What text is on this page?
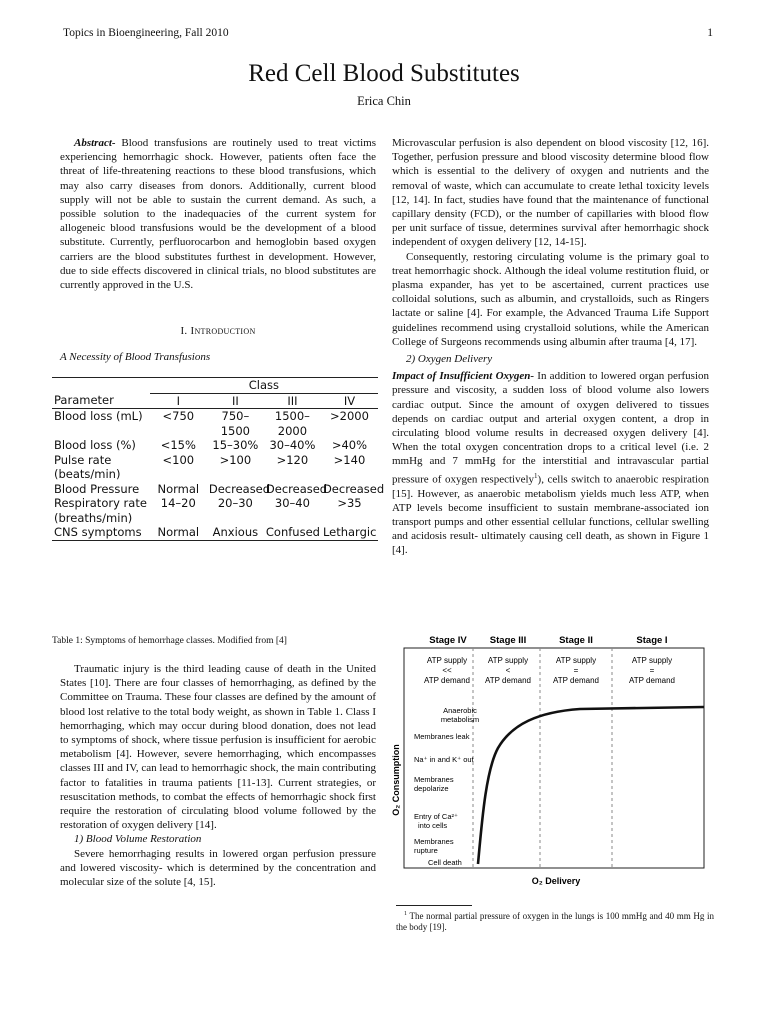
Topics in Bioengineering, Fall 2010	1
Red Cell Blood Substitutes
Erica Chin

Abstract- Blood transfusions are routinely used to treat victims experiencing hemorrhagic shock. However, patients often face the threat of life-threatening reactions to these blood transfusions, which may also carry diseases from donors. Additionally, current blood supply will not be able to sustain the current demand. As such, a possible solution to the inadequacies of the current system for allogeneic blood transfusions would be the development of a blood substitute. Currently, perfluorocarbon and hemoglobin based oxygen carriers are the blood substitutes furthest in development. However, due to side effects discovered in clinical trials, no blood substitutes are currently approved in the U.S.

I. Introduction
A Necessity of Blood Transfusions
	Class			
Parameter	I	II	III	IV
Blood loss (mL)	<750	750–1500	1500–2000	>2000
Blood loss (%)	<15%	15–30%	30–40%	>40%
Pulse rate (beats/min)	<100	>100	>120	>140
Blood Pressure	Normal	Decreased	Decreased	Decreased
Respiratory rate (breaths/min)	14–20	20–30	30–40	>35
CNS symptoms	Normal	Anxious	Confused	Lethargic
Table 1: Symptoms of hemorrhage classes. Modified from [4]

Traumatic injury is the third leading cause of death in the United States [10]. There are four classes of hemorrhaging, as defined by the Committee on Trauma. These four classes are defined by the amount of blood lost relative to the total body weight, as shown in Table 1. Class I hemorrhaging, which may occur during blood donation, does not lead to symptoms of shock, where tissue perfusion is insufficient for aerobic metabolism [4]. However, severe hemorrhaging, which encompasses classes III and IV, can lead to hemorrhagic shock, the main contributing factor to fatalities in trauma patients [11-13]. Current strategies, or resuscitation methods, to combat the effects of hemorrhagic shock first require the restoration of circulating blood volume followed by the restoration of oxygen delivery [14].

1) Blood Volume Restoration

Severe hemorrhaging results in lowered organ perfusion pressure and lowered viscosity- which is determined by the concentration and molecular size of the solute [4, 15].

Microvascular perfusion is also dependent on blood viscosity [12, 16]. Together, perfusion pressure and blood viscosity determine blood flow which is essential to the delivery of oxygen and nutrients and the removal of waste, which can accumulate to create lethal toxicity levels [12, 14]. In fact, studies have found that the maintenance of functional capillary density (FCD), or the number of capillaries with blood flow per unit surface of tissue, determines survival after hemorrhagic shock independent of oxygen delivery [12, 14-15].

Consequently, restoring circulating volume is the primary goal to treat hemorrhagic shock. Although the ideal volume restitution fluid, or plasma expander, has yet to be ascertained, current practices use colloidal solutions, such as albumin, and crystalloids, such as Ringers lactate or saline [4]. For example, the Advanced Trauma Life Support guidelines recommend using crystalloid solutions, while the American College of Surgeons recommends using albumin after trauma [4, 17].

2) Oxygen Delivery

Impact of Insufficient Oxygen- In addition to lowered organ perfusion pressure and viscosity, a sudden loss of blood volume also lowers cardiac output. Since the amount of oxygen delivered to tissues depends on cardiac output and arterial oxygen content, a drop in circulating blood volume results in decreased oxygen delivery [4]. When the total oxygen concentration drops to a critical level (i.e. 2 mmHg and 7 mmHg for the interstitial and intravascular partial pressure of oxygen respectively$^1$), cells switch to anaerobic respiration [15]. However, as anaerobic metabolism yields much less ATP, when ATP levels become insufficient to sustain membrane-associated ion transport pumps and other essential cellular functions, cellular swelling and acidosis result- ultimately causing cell death, as shown in Figure 1 [4].

Stage IV Stage III	Stage II	Stage I
ATP supply
<<
ATP demand
ATP supply
<
ATP demand
ATP supply
=
ATP demand
ATP supply
=
ATP demand
Anaerobic
metabolism
Membranes leak
Na⁺ in and K⁺ out
Membranes
depolarize
Entry of Ca²⁺
into cells
Membranes
rupture
Cell death
O₂ Consumption
O₂ Delivery
$^1$ The normal partial pressure of oxygen in the lungs is 100 mmHg and 40 mm Hg in the body [19].
